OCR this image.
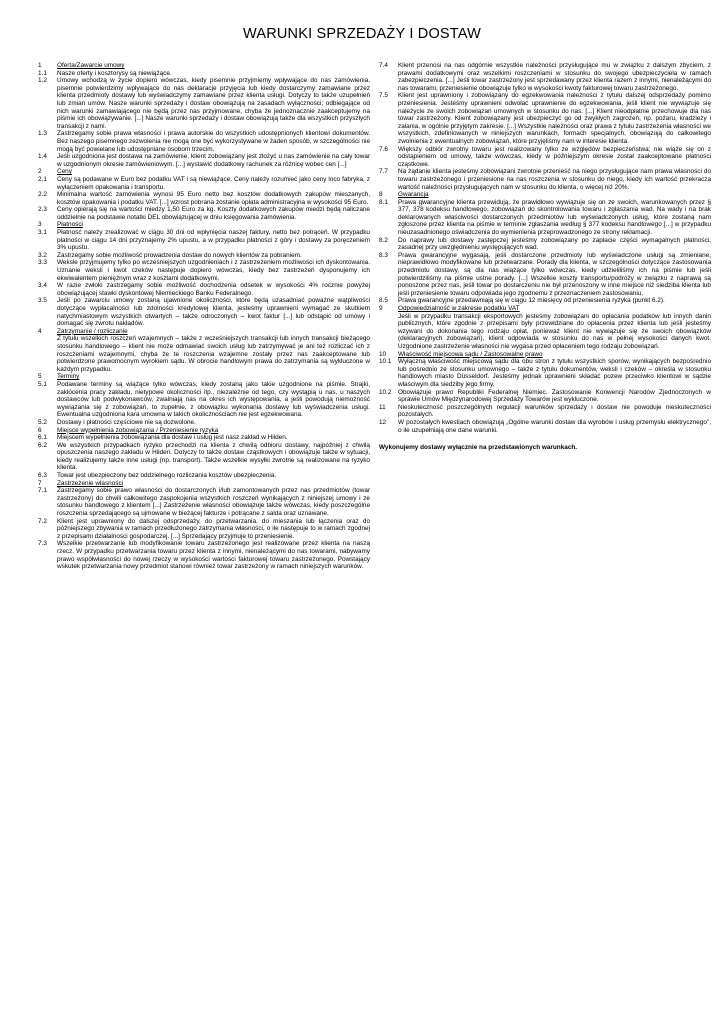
WARUNKI SPRZEDAŻY I DOSTAW
1	Oferta/Zawarcie umowy
1.1	Nasze oferty i kosztorysy są niewiążące.
1.2	Umowy wchodzą w życie dopiero wówczas, kiedy pisemnie przyjmiemy wpływające do nas zamówienia, pisemnie potwierdzimy wpływające do nas deklaracje przyjęcia lub kiedy dostarczymy zamawiane przez klienta przedmioty dostawy lub wyświadczymy zamawiane przez klienta usługi. Dotyczy to także uzupełnień lub zmian umów. Nasze warunki sprzedaży i dostaw obowiązują na zasadach wyłączności; odbiegające od nich warunki zamawiającego nie będą przez nas przyjmowane, chyba że jednoznacznie zaakceptujemy na piśmie ich obowiązywanie. [...] Nasze warunki sprzedaży i dostaw obowiązują także dla wszystkich przyszłych transakcji z nami.
1.3	Zastrzegamy sobie prawa własności i prawa autorskie do wszystkich udostępnionych klientowi dokumentów. Bez naszego pisemnego zezwolenia nie mogą one być wykorzystywane w żaden sposób, w szczególności nie mogą być powielane lub udostępniane osobom trzecim.
1.4	Jeśli uzgodniona jest dostawa na zamówienie, klient zobowiązany jest złożyć u nas zamówienie na cały towar w uzgodnionym okresie zamówieniowym. [...] wystawić dodatkowy rachunek za różnicę wobec cen [...]
2	Ceny
2.1	Ceny są podawane w Euro bez podatku VAT i są niewiążące. Ceny należy rozumieć jako ceny loco fabryka, z wyłączeniem opakowania i transportu.
2.2	Minimalna wartość zamówienia wynosi 95 Euro netto bez kosztów dodatkowych zakupów mieszanych, kosztów opakowania i podatku VAT. [...] wzrost pobrana zostanie opłata administracyjna w wysokości 95 Euro.
2.3	Ceny opierają się na wartości miedzy 1,50 Euro za kg. Koszty dodatkowych zakupów miedzi będą naliczane oddzielnie na podstawie notatki DEL obowiązującej w dniu księgowania zamówienia.
3	Płatności
3.1	Płatność należy zrealizować w ciągu 30 dni od wpłynięcia naszej faktury, netto bez potrąceń. W przypadku płatności w ciągu 14 dni przyznajemy 2% upustu, a w przypadku płatności z góry i dostawy za poręczeniem 3% upustu.
3.2	Zastrzegamy sobie możliwość prowadzenia dostaw do nowych klientów za pobraniem.
3.3	Weksle przyjmujemy tylko po wcześniejszych uzgodnieniach i z zastrzeżeniem możliwości ich dyskontowania. Uznanie weksli i kwot czeków następuje dopiero wówczas, kiedy bez zastrzeżeń dysponujemy ich ekwiwalentem pieniężnym wraz z kosztami dodatkowymi.
3.4	W razie zwłoki zastrzegamy sobie możliwość dochodzenia odsetek w wysokości 4% rocznie powyżej obowiązującej stawki dyskontowej Niemieckiego Banku Federalnego.
3.5	Jeśli po zawarciu umowy zostaną ujawnione okoliczności, które będą uzasadniać poważne wątpliwości dotyczące wypłacalności lub zdolności kredytowej klienta, jesteśmy uprawnieni wymagać ze skutkiem natychmiastowym wszystkich otwartych – także odroczonych – kwot faktur [...] lub odstąpić od umowy i domagać się zwrotu nakładów.
4	Zatrzymanie / rozliczanie
Z tytułu wszelkich roszczeń wzajemnych – także z wcześniejszych transakcji lub innych transakcji bieżącego stosunku handlowego – klient nie może odmawiać swoich usług lub zatrzymywać je ani też rozliczać ich z roszczeniami wzajemnymi, chyba że te roszczenia wzajemne zostały przez nas zaakceptowane lub potwierdzone prawomocnym wyrokiem sądu. W obrocie handlowym prawa do zatrzymania są wykluczone w każdym przypadku.
5	Terminy
5.1	Podawane terminy są wiążące tylko wówczas, kiedy zostaną jako takie uzgodnione na piśmie. Strajki, zakłócenia pracy zakładu, nietypowe okoliczności itp., niezależnie od tego, czy wystąpią u nas, u naszych dostawców lub podwykonawców, zwalniają nas na okres ich występowania, a jeśli powodują niemożność wywiązania się z zobowiązań, to zupełnie, z obowiązku wykonania dostawy lub wyświadczenia usługi. Ewentualna uzgodniona kara umowna w takich okolicznościach nie jest egzekwowana.
5.2	Dostawy i płatności częściowe nie są dozwolone.
6	Miejsce wypełnienia zobowiązania / Przeniesienie ryzyka
6.1	Miejscem wypełnienia zobowiązania dla dostaw i usług jest nasz zakład w Hilden.
6.2	We wszystkich przypadkach ryzyko przechodzi na klienta z chwilą odbioru dostawy, najpóźniej z chwilą opuszczenia naszego zakładu w Hilden. Dotyczy to także dostaw cząstkowych i obowiązuje także w sytuacji, kiedy realizujemy także inne usługi (np. transport). Także wszelkie wysyłki zwrotne są realizowane na ryzyko klienta.
6.3	Towar jest ubezpieczony bez oddzielnego rozliczania kosztów ubezpieczenia.
7	Zastrzeżenie własności
7.1	Zastrzegamy sobie prawo własności do dostarczonych i/lub zamontowanych przez nas przedmiotów (towar zastrzeżony) do chwili całkowitego zaspokojenia wszystkich roszczeń wynikających z niniejszej umowy i ze stosunku handlowego z klientem [...] Zastrzeżenie własności obowiązuje także wówczas, kiedy poszczególne roszczenia sprzedającego są ujmowane w bieżącej fakturze i potrącane z salda oraz uznawane.
7.2	Klient jest uprawniony do dalszej odsprzedaży, do przetwarzania, do mieszania lub łączenia oraz do późniejszego zbywania w ramach przedłużonego zatrzymania własności, o ile następuje to w ramach zgodnej z przepisami działalności gospodarczej. [...] Sprzedający przyjmuje to przeniesienie.
7.3	Wszelkie przetwarzanie lub modyfikowanie towaru zastrzeżonego jest realizowane przez klienta na naszą rzecz. W przypadku przetwarzania towaru przez klienta z innymi, nienależącymi do nas towarami, nabywamy prawo współwłasności do nowej rzeczy w wysokości wartości fakturowej towaru zastrzeżonego. Powstający wskutek przetwarzania nowy przedmiot stanowi również towar zastrzeżony w ramach niniejszych warunków.
7.4	Klient przenosi na nas odgórnie wszystkie należności przysługujące mu w związku z dalszym zbyciem, z prawami dodatkowymi oraz wszelkimi roszczeniami w stosunku do swojego ubezpieczyciela w ramach zabezpieczenia. [...] Jeśli towar zastrzeżony jest sprzedawany przez klienta razem z innymi, nienależącymi do nas towarami, przeniesienie obowiązuje tylko w wysokości kwoty fakturowej towaru zastrzeżonego.
7.5	Klient jest uprawniony i zobowiązany do egzekwowania należności z tytułu dalszej odsprzedaży pomimo przeniesienia. Jesteśmy uprawnieni odwołać uprawnienie do egzekwowania, jeśli klient nie wywiązuje się należycie ze swoich zobowiązań umownych w stosunku do nas. [...] Klient nieodpłatnie przechowuje dla nas towar zastrzeżony. Klient zobowiązany jest ubezpieczyć go od zwykłych zagrożeń, np. pożaru, kradzieży i zalania, w ogólnie przyjętym zakresie. [...] Wszystkie należności oraz prawa z tytułu zastrzeżenia własności we wszystkich, zdefiniowanych w niniejszych warunkach, formach specjalnych, obowiązują do całkowitego zwolnienia z ewentualnych zobowiązań, które przyjęliśmy nam w interesie klienta.
7.6	Większy odbiór zwrotny towaru jest realizowany tylko ze względów bezpieczeństwa; nie wiąże się on z odstąpieniem od umowy, także wówczas, kiedy w późniejszym okresie został zaakceptowane płatności cząstkowe.
7.7	Na żądanie klienta jesteśmy zobowiązani zwrotnie przenieść na niego przysługujące nam prawa własności do towaru zastrzeżonego i przeniesione na nas roszczenia w stosunku do niego, kiedy ich wartość przekracza wartość należności przysługujących nam w stosunku do klienta, o więcej niż 20%.
8	Gwarancja
8.1	Prawa gwarancyjne klienta przewidują, że prawidłowo wywiązuje się on ze swoich, warunkowanych przez § 377, 378 kodeksu handlowego, zobowiązań do skontrolowania towaru i zgłaszania wad. Na wady i na brak deklarowanych właściwości dostarczonych przedmiotów lub wyświadczonych usług, które zostaną nam zgłoszone przez klienta na piśmie w terminie zgłaszania według § 377 kodeksu handlowego [...] w przypadku nieuzasadnionego oświadczenia do wymienienia przeprowadzonego ze strony reklamacji.
8.2	Do naprawy lub dostawy zastępczej jesteśmy zobowiązany po zapłacie części wymagalnych płatności, zasadnej przy uwzględnieniu występujących wad.
8.3	Prawa gwarancyjne wygasają, jeśli dostarczone przedmioty lub wyświadczone usługi są zmieniane, nieprawidłowo modyfikowane lub przetwarzane. Porady dla klienta, w szczególności dotyczące zastosowania przedmiotu dostawy, są dla nas wiążące tylko wówczas, kiedy udzieliliśmy ich na piśmie lub jeśli potwierdziliśmy na piśmie ustne porady. [...] Wszelkie koszty transportu/podróży w związku z naprawą są ponoszone przez nas, jeśli towar po dostarczeniu nie był przenoszony w inne miejsce niż siedziba klienta lub jeśli przeniesienie towaru odpowiada jego zgodnemu z przeznaczeniem zastosowaniu.
8.5	Prawa gwarancyjne przedawniają się w ciągu 12 miesięcy od przeniesienia ryzyka (punkt 6.2).
9	Odpowiedzialność w zakresie podatku VAT
Jeśli w przypadku transakcji eksportowych jesteśmy zobowiązani do opłacania podatków lub innych danin publicznych, które zgodnie z przepisami były przewidziane do opłacenia przez klienta lub jeśli jesteśmy wzywani do dokonania tego rodzaju opłat, ponieważ klient nie wywiązuje się ze swoich obowiązków (deklaracyjnych zobowiązań), klient odpowiada w stosunku do nas w pełnej wysokości danych kwot. Uzgodnione zastrzeżenie własności nie wygasa przed opłaceniem tego rodzaju zobowiązań.
10	Właściwość miejscowa sądu / Zastosowalne prawo
10.1	Wyłączną właściwość miejscową sądu dla obu stron z tytułu wszystkich sporów, wynikających bezpośrednio lub pośrednio ze stosunku umownego – także z tytułu dokumentów, weksli i czeków – określa w stosunku handlowych miasto Düsseldorf. Jesteśmy jednak uprawnieni składać pozew przeciwko klientowi w sądzie właściwym dla siedziby jego firmy.
10.2	Obowiązuje prawo Republiki Federalnej Niemiec. Zastosowanie Konwencji Narodów Zjednoczonych w sprawie Umów Międzynarodowej Sprzedaży Towarów jest wykluczone.
11	Nieskuteczność poszczególnych regulacji warunków sprzedaży i dostaw nie powoduje nieskuteczności pozostałych.
12	W pozostałych kwestiach obowiązują „Ogólne warunki dostaw dla wyrobów i usług przemysłu elektrycznego", o ile uzupełniają one dane warunki.
Wykonujemy dostawy wyłącznie na przedstawionych warunkach.
